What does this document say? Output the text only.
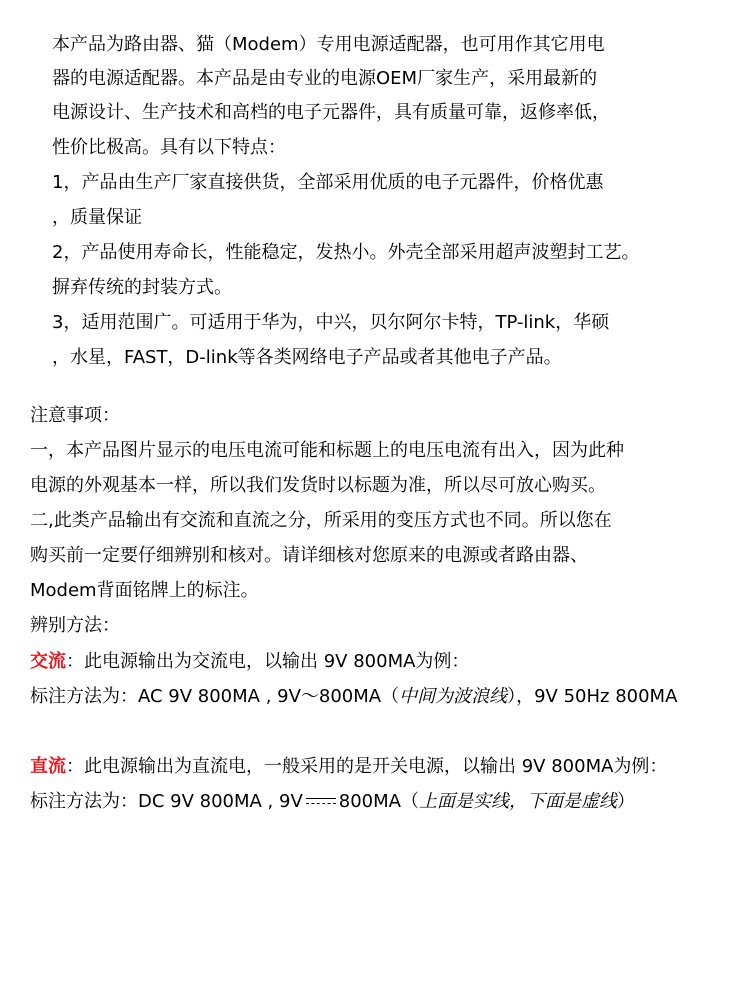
本产品为路由器、猫（Modem）专用电源适配器，也可用作其它用电
器的电源适配器。本产品是由专业的电源OEM厂家生产，采用最新的
电源设计、生产技术和高档的电子元器件，具有质量可靠，返修率低，
性价比极高。具有以下特点：
1，产品由生产厂家直接供货，全部采用优质的电子元器件，价格优惠
，质量保证
2，产品使用寿命长，性能稳定，发热小。外壳全部采用超声波塑封工艺。
摒弃传统的封装方式。
3，适用范围广。可适用于华为，中兴，贝尔阿尔卡特，TP-link，华硕
，水星，FAST，D-link等各类网络电子产品或者其他电子产品。
注意事项：
一，本产品图片显示的电压电流可能和标题上的电压电流有出入，因为此种
电源的外观基本一样，所以我们发货时以标题为准，所以尽可放心购买。
二,此类产品输出有交流和直流之分，所采用的变压方式也不同。所以您在
购买前一定要仔细辨别和核对。请详细核对您原来的电源或者路由器、
Modem背面铭牌上的标注。
辨别方法：
交流：此电源输出为交流电，以输出 9V 800MA为例：
标注方法为：AC 9V 800MA , 9V～800MA（中间为波浪线），9V 50Hz 800MA
直流：此电源输出为直流电，一般采用的是开关电源，以输出 9V 800MA为例：
标注方法为：DC 9V 800MA , 9V 800MA（上面是实线，下面是虚线）
